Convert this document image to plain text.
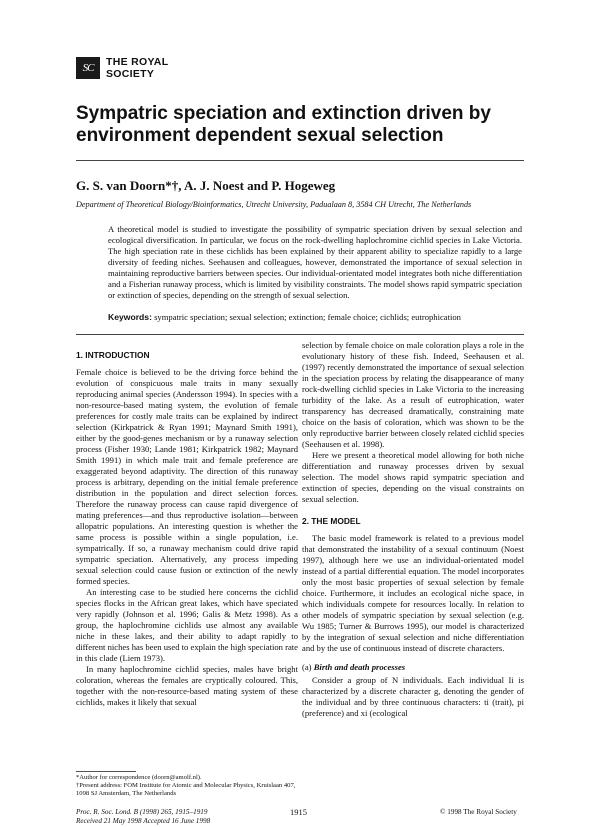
SC	THE ROYAL
SOCIETY
Sympatric speciation and extinction driven by environment dependent sexual selection
G. S. van Doorn*†, A. J. Noest and P. Hogeweg
Department of Theoretical Biology/Bioinformatics, Utrecht University, Padualaan 8, 3584 CH Utrecht, The Netherlands
A theoretical model is studied to investigate the possibility of sympatric speciation driven by sexual selection and ecological diversification. In particular, we focus on the rock-dwelling haplochromine cichlid species in Lake Victoria. The high speciation rate in these cichlids has been explained by their apparent ability to specialize rapidly to a large diversity of feeding niches. Seehausen and colleagues, however, demonstrated the importance of sexual selection in maintaining reproductive barriers between species. Our individual-orientated model integrates both niche differentiation and a Fisherian runaway process, which is limited by visibility constraints. The model shows rapid sympatric speciation or extinction of species, depending on the strength of sexual selection.
Keywords: sympatric speciation; sexual selection; extinction; female choice; cichlids; eutrophication
1. INTRODUCTION

Female choice is believed to be the driving force behind the evolution of conspicuous male traits in many sexually reproducing animal species (Andersson 1994). In species with a non-resource-based mating system, the evolution of female preferences for costly male traits can be explained by indirect selection (Kirkpatrick & Ryan 1991; Maynard Smith 1991), either by the good-genes mechanism or by a runaway selection process (Fisher 1930; Lande 1981; Kirkpatrick 1982; Maynard Smith 1991) in which male trait and female preference are exaggerated beyond adaptivity. The direction of this runaway process is arbitrary, depending on the initial female preference distribution in the population and direct selection forces. Therefore the runaway process can cause rapid divergence of mating preferences—and thus reproductive isolation—between allopatric populations. An interesting question is whether the same process is possible within a single population, i.e. sympatrically. If so, a runaway mechanism could drive rapid sympatric speciation. Alternatively, any process impeding sexual selection could cause fusion or extinction of the newly formed species.

An interesting case to be studied here concerns the cichlid species flocks in the African great lakes, which have speciated very rapidly (Johnson et al. 1996; Galis & Metz 1998). As a group, the haplochromine cichlids use almost any available niche in these lakes, and their ability to adapt rapidly to different niches has been used to explain the high speciation rate in this clade (Liem 1973).

In many haplochromine cichlid species, males have bright coloration, whereas the females are cryptically coloured. This, together with the non-resource-based mating system of these cichlids, makes it likely that sexual

*Author for correspondence (doorn@amolf.nl).
†Present address: FOM Institute for Atomic and Molecular Physics, Kruislaan 407, 1098 SJ Amsterdam, The Netherlands

selection by female choice on male coloration plays a role in the evolutionary history of these fish. Indeed, Seehausen et al. (1997) recently demonstrated the importance of sexual selection in the speciation process by relating the disappearance of many rock-dwelling cichlid species in Lake Victoria to the increasing turbidity of the lake. As a result of eutrophication, water transparency has decreased dramatically, constraining mate choice on the basis of coloration, which was shown to be the only reproductive barrier between closely related cichlid species (Seehausen et al. 1998).

Here we present a theoretical model allowing for both niche differentiation and runaway processes driven by sexual selection. The model shows rapid sympatric speciation and extinction of species, depending on the visual constraints on sexual selection.

2. THE MODEL

The basic model framework is related to a previous model that demonstrated the instability of a sexual continuum (Noest 1997), although here we use an individual-orientated model instead of a partial differential equation. The model incorporates only the most basic properties of sexual selection by female choice. Furthermore, it includes an ecological niche space, in which individuals compete for resources locally. In relation to other models of sympatric speciation by sexual selection (e.g. Wu 1985; Turner & Burrows 1995), our model is characterized by the integration of sexual selection and niche differentiation and by the use of continuous instead of discrete characters.

(a) Birth and death processes

Consider a group of N individuals. Each individual Ii is characterized by a discrete character g, denoting the gender of the individual and by three continuous characters: ti (trait), pi (preference) and xi (ecological

Proc. R. Soc. Lond. B (1998) 265, 1915–1919
Received 21 May 1998 Accepted 16 June 1998
1915	© 1998 The Royal Society
